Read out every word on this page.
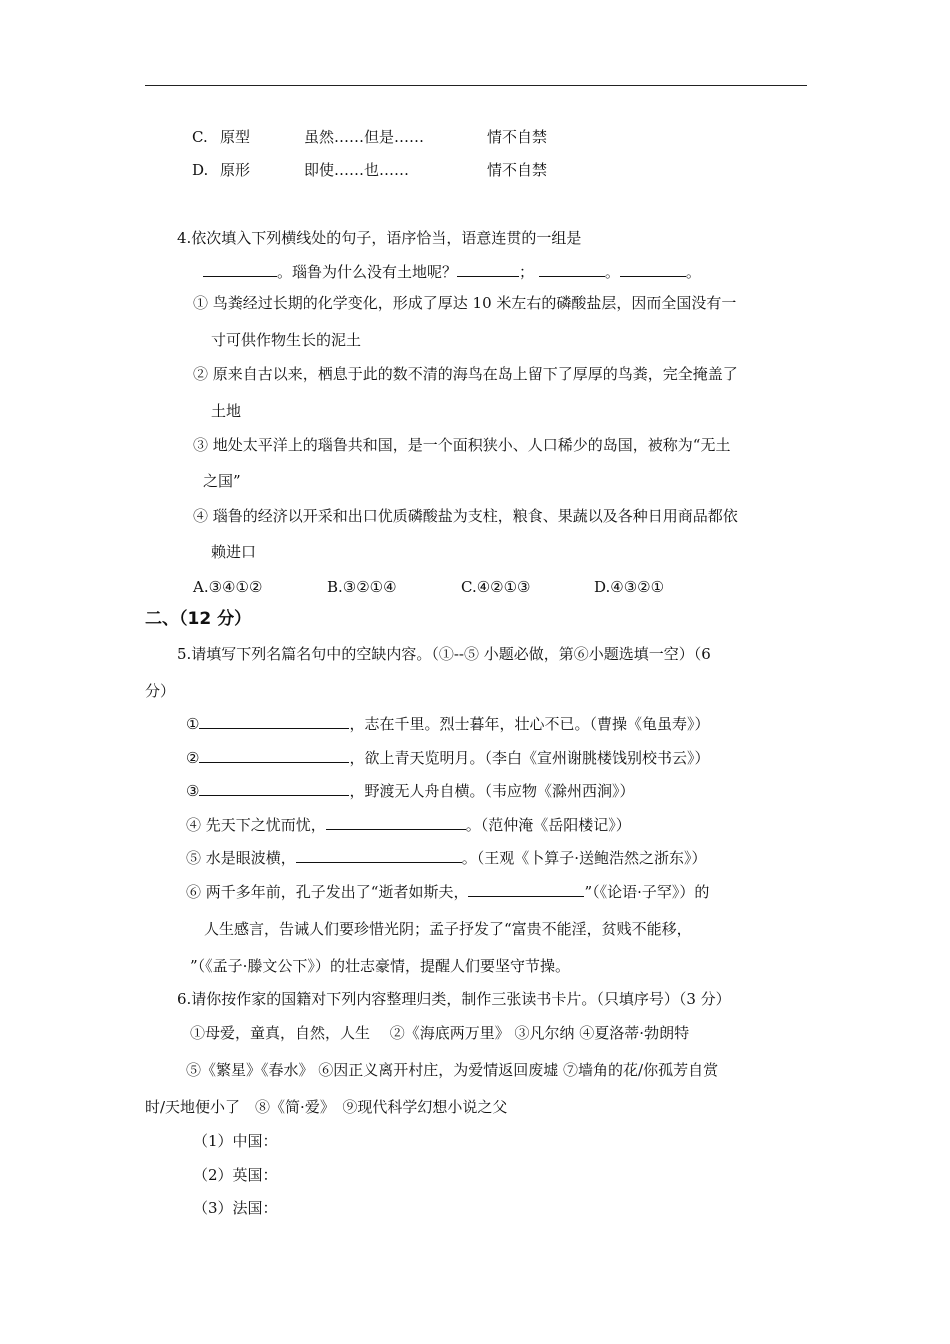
C. 原型	虽然……但是……	情不自禁
D. 原形	即使……也……	情不自禁
4.依次填入下列横线处的句子，语序恰当，语意连贯的一组是
。瑙鲁为什么没有土地呢？	；	。	。
① 鸟粪经过长期的化学变化，形成了厚达 10 米左右的磷酸盐层，因而全国没有一
寸可供作物生长的泥土
② 原来自古以来，栖息于此的数不清的海鸟在岛上留下了厚厚的鸟粪，完全掩盖了
土地
③ 地处太平洋上的瑙鲁共和国，是一个面积狭小、人口稀少的岛国，被称为“无土
之国”
④ 瑙鲁的经济以开采和出口优质磷酸盐为支柱，粮食、果蔬以及各种日用商品都依
赖进口
A.③④①②	B.③②①④	C.④②①③	D.④③②①
二、（12 分）
5.请填写下列名篇名句中的空缺内容。（①--⑤ 小题必做，第⑥小题选填一空）（6
分）
①	，志在千里。烈士暮年，壮心不已。（曹操《龟虽寿》）
②	，欲上青天览明月。（李白《宣州谢朓楼饯别校书云》）
③	，野渡无人舟自横。（韦应物《滁州西涧》）
④ 先天下之忧而忧，	。（范仲淹《岳阳楼记》）
⑤ 水是眼波横，	。（王观《卜算子·送鲍浩然之浙东》）
⑥ 两千多年前，孔子发出了“逝者如斯夫，	”（《论语·子罕》）的
人生感言，告诫人们要珍惜光阴；孟子抒发了“富贵不能淫，贫贱不能移，
”（《孟子·滕文公下》）的壮志豪情，提醒人们要坚守节操。
6.请你按作家的国籍对下列内容整理归类，制作三张读书卡片。（只填序号）（3 分）
①母爱，童真，自然，人生　 ②《海底两万里》 ③凡尔纳 ④夏洛蒂·勃朗特
⑤《繁星》《春水》 ⑥因正义离开村庄，为爱情返回废墟 ⑦墙角的花/你孤芳自赏
时/天地便小了　⑧《简·爱》　⑨现代科学幻想小说之父
（1）中国：
（2）英国：
（3）法国：
